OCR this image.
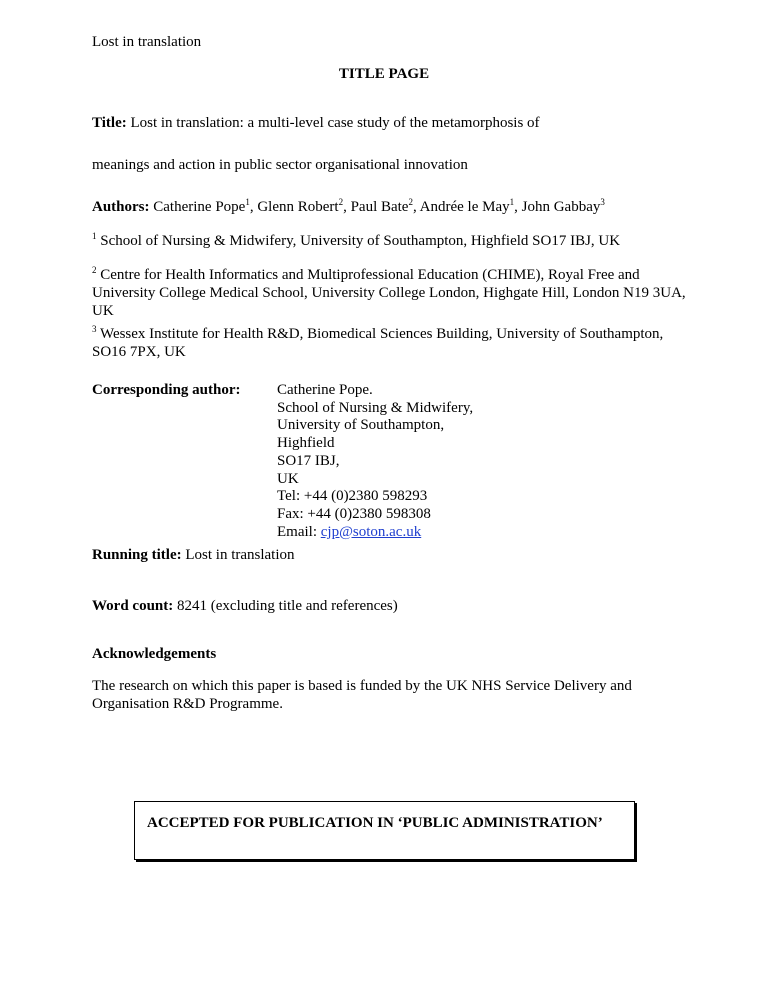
Lost in translation
TITLE PAGE
Title: Lost in translation: a multi-level case study of the metamorphosis of
meanings and action in public sector organisational innovation
Authors: Catherine Pope$^1$, Glenn Robert$^2$, Paul Bate$^2$, Andrée le May$^1$, John Gabbay$^3$
$^1$ School of Nursing & Midwifery, University of Southampton, Highfield SO17 IBJ, UK
$^2$ Centre for Health Informatics and Multiprofessional Education (CHIME), Royal Free and University College Medical School, University College London, Highgate Hill, London N19 3UA, UK
$^3$ Wessex Institute for Health R&D, Biomedical Sciences Building, University of Southampton, SO16 7PX, UK
Corresponding author: Catherine Pope.
School of Nursing & Midwifery,
University of Southampton,
Highfield
SO17 IBJ,
UK
Tel: +44 (0)2380 598293
Fax: +44 (0)2380 598308
Email: cjp@soton.ac.uk
Running title: Lost in translation
Word count: 8241 (excluding title and references)
Acknowledgements
The research on which this paper is based is funded by the UK NHS Service Delivery and Organisation R&D Programme.
ACCEPTED FOR PUBLICATION IN ‘PUBLIC ADMINISTRATION’
